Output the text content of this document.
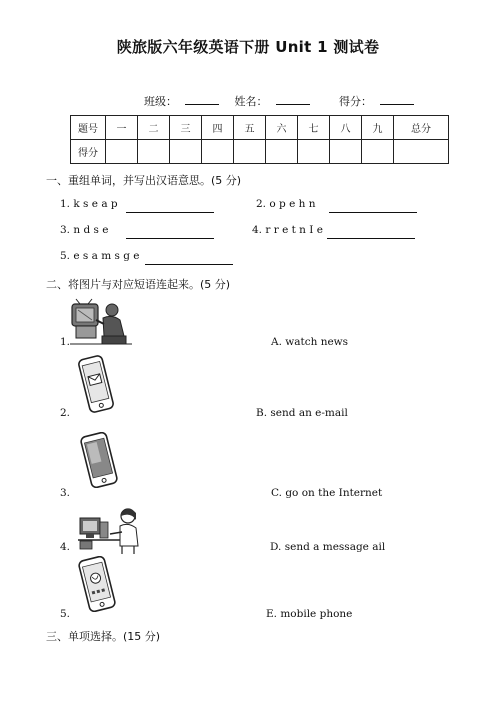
陕旅版六年级英语下册 Unit 1 测试卷
班级：	姓名：	得分：
题号	一	二	三	四	五	六	七	八	九	总分
得分										
一、重组单词，并写出汉语意思。(5 分)
1. k s e a p	2. o p e h n
3. n d s e	4. r r e t n I e
5. e s a m s g e
二、将图片与对应短语连起来。(5 分)
1.	A. watch news
2.	B. send an e-mail
3.	C. go on the Internet
4.	D. send a message ail
5.	E. mobile phone
三、单项选择。(15 分)
